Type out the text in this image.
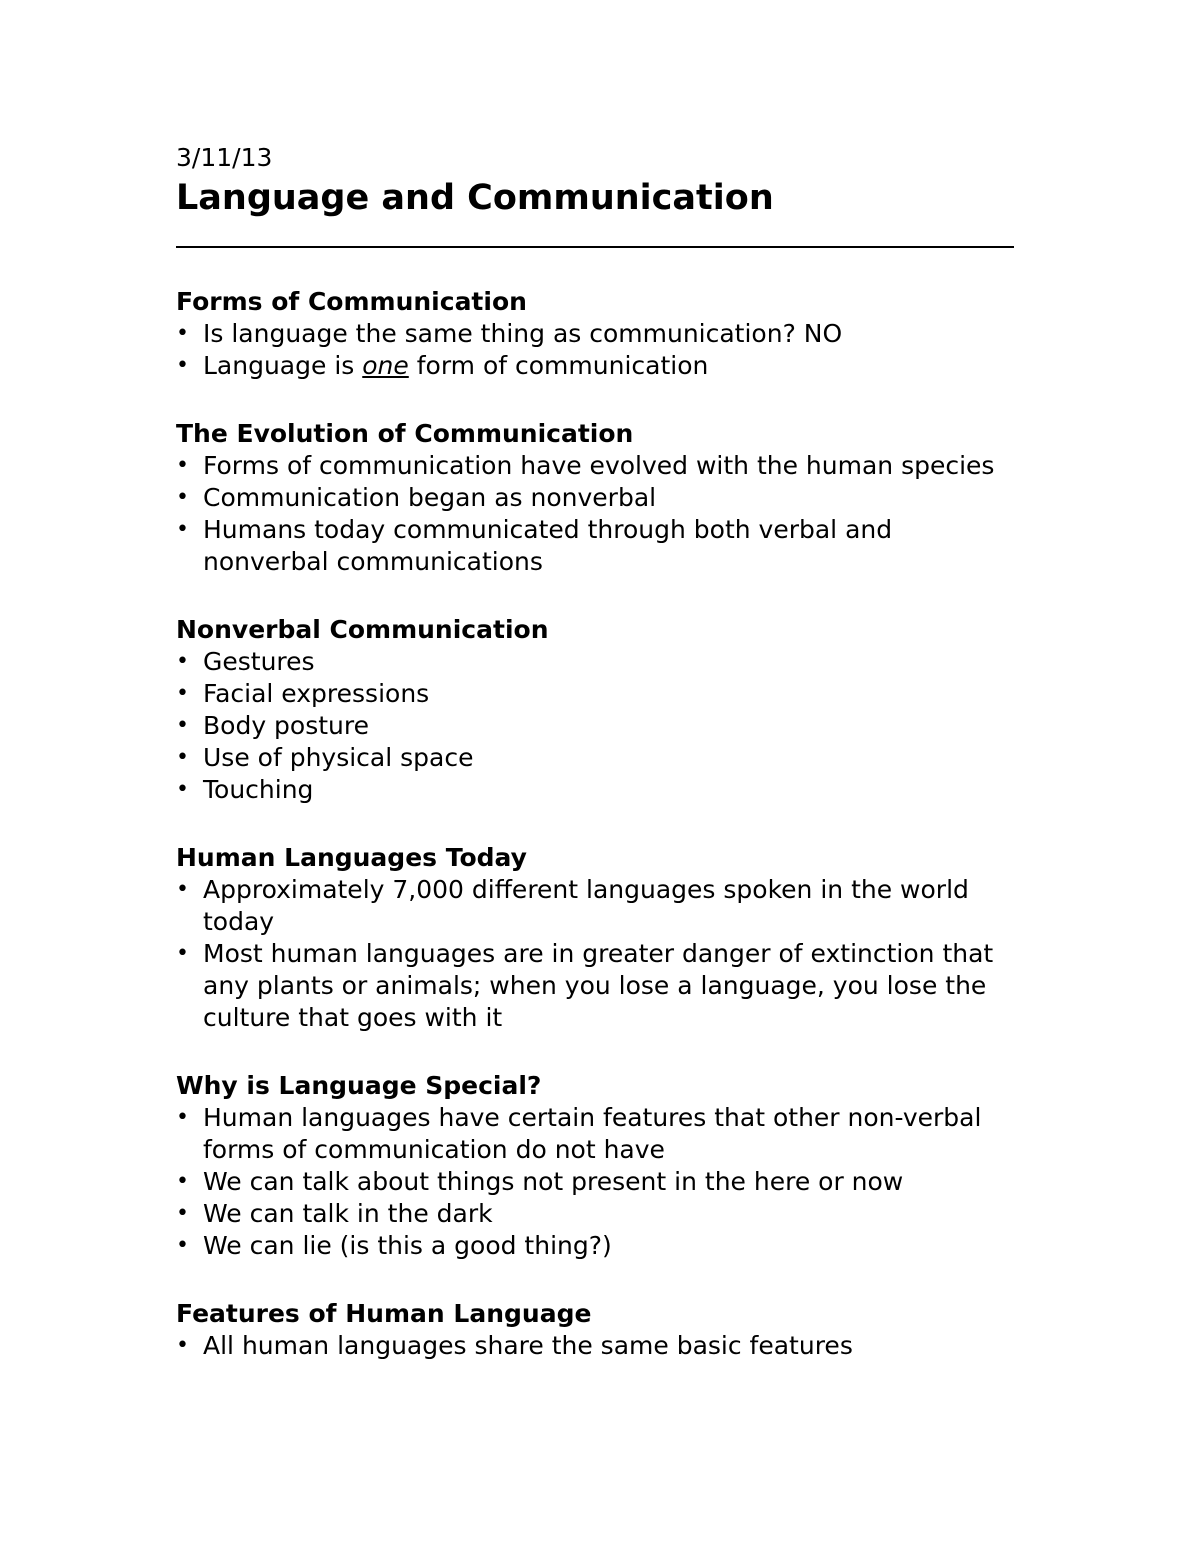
3/11/13

Language and Communication
Forms of Communication
• Is language the same thing as communication? NO
• Language is one form of communication
The Evolution of Communication
• Forms of communication have evolved with the human species
• Communication began as nonverbal
• Humans today communicated through both verbal and nonverbal communications
Nonverbal Communication
• Gestures
• Facial expressions
• Body posture
• Use of physical space
• Touching
Human Languages Today
• Approximately 7,000 different languages spoken in the world today
• Most human languages are in greater danger of extinction that any plants or animals; when you lose a language, you lose the culture that goes with it
Why is Language Special?
• Human languages have certain features that other non-verbal forms of communication do not have
• We can talk about things not present in the here or now
• We can talk in the dark
• We can lie (is this a good thing?)
Features of Human Language
• All human languages share the same basic features
